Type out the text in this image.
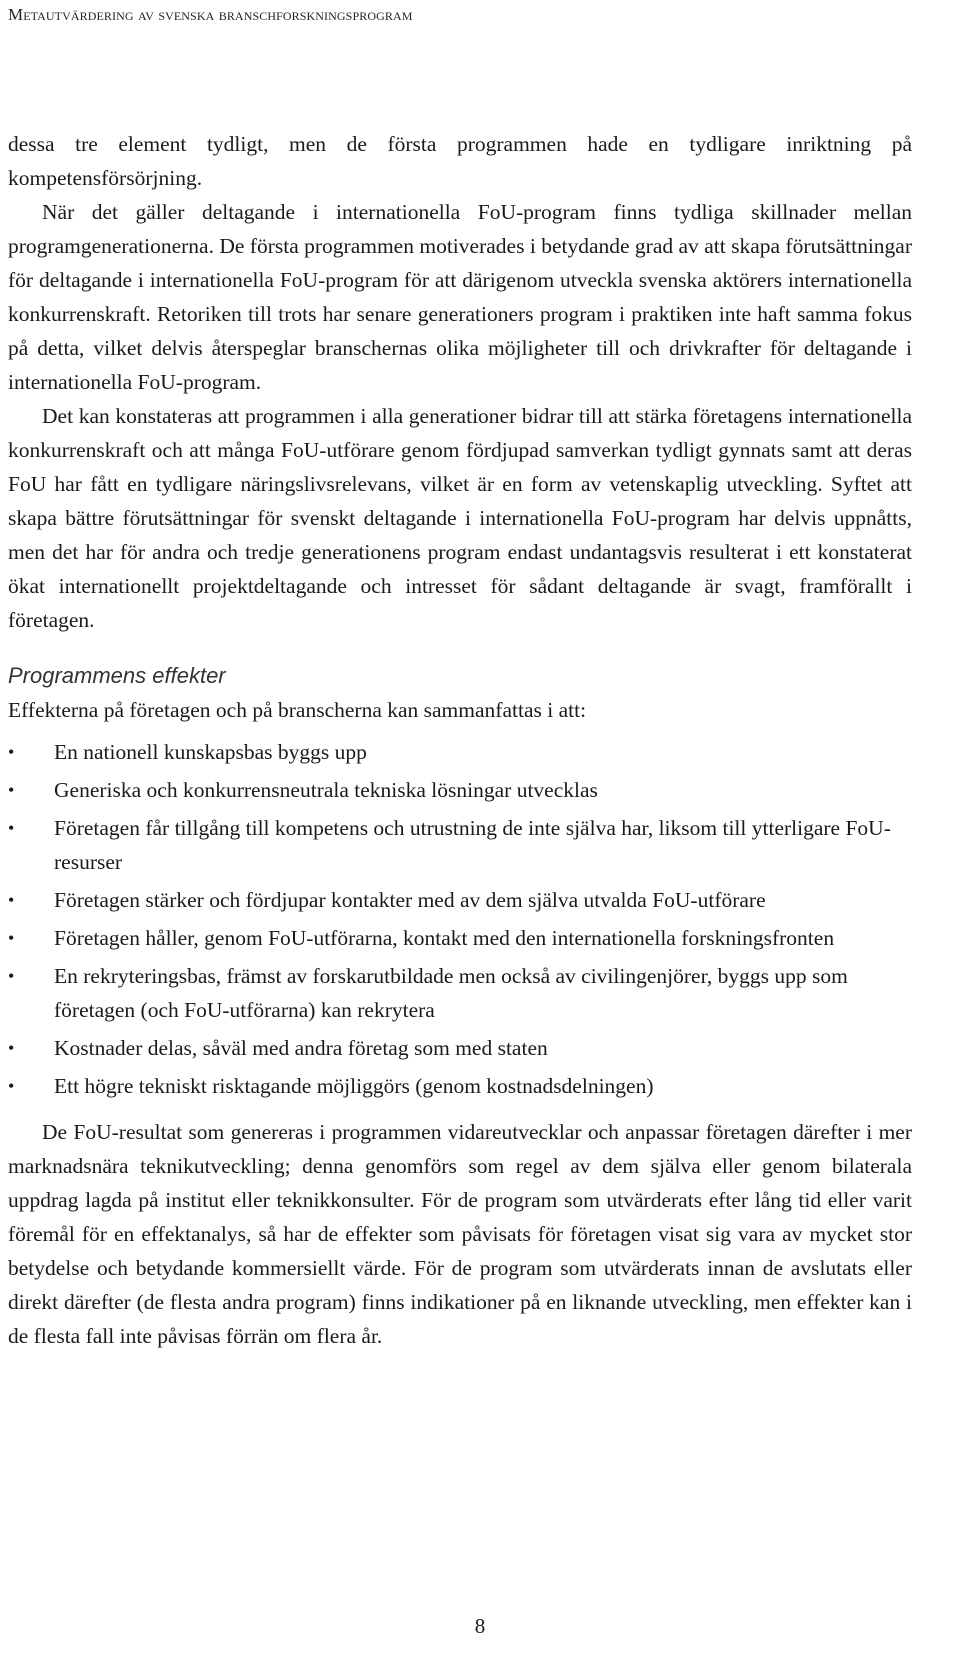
Metautvärdering av svenska branschforskningsprogram

dessa tre element tydligt, men de första programmen hade en tydligare inriktning på kompetensförsörjning.

När det gäller deltagande i internationella FoU-program finns tydliga skillnader mellan programgenerationerna. De första programmen motiverades i betydande grad av att skapa förutsättningar för deltagande i internationella FoU-program för att därigenom utveckla svenska aktörers internationella konkurrenskraft. Retoriken till trots har senare generationers program i praktiken inte haft samma fokus på detta, vilket delvis återspeglar branschernas olika möjligheter till och drivkrafter för deltagande i internationella FoU-program.

Det kan konstateras att programmen i alla generationer bidrar till att stärka företagens internationella konkurrenskraft och att många FoU-utförare genom fördjupad samverkan tydligt gynnats samt att deras FoU har fått en tydligare näringslivsrelevans, vilket är en form av vetenskaplig utveckling. Syftet att skapa bättre förutsättningar för svenskt deltagande i internationella FoU-program har delvis uppnåtts, men det har för andra och tredje generationens program endast undantagsvis resulterat i ett konstaterat ökat internationellt projektdeltagande och intresset för sådant deltagande är svagt, framförallt i företagen.

Programmens effekter
Effekterna på företagen och på branscherna kan sammanfattas i att:
• En nationell kunskapsbas byggs upp
• Generiska och konkurrensneutrala tekniska lösningar utvecklas
• Företagen får tillgång till kompetens och utrustning de inte själva har, liksom till ytterligare FoU-resurser
• Företagen stärker och fördjupar kontakter med av dem själva utvalda FoU-utförare
• Företagen håller, genom FoU-utförarna, kontakt med den internationella forskningsfronten
• En rekryteringsbas, främst av forskarutbildade men också av civilingenjörer, byggs upp som företagen (och FoU-utförarna) kan rekrytera
• Kostnader delas, såväl med andra företag som med staten
• Ett högre tekniskt risktagande möjliggörs (genom kostnadsdelningen)

De FoU-resultat som genereras i programmen vidareutvecklar och anpassar företagen därefter i mer marknadsnära teknikutveckling; denna genomförs som regel av dem själva eller genom bilaterala uppdrag lagda på institut eller teknikkonsulter. För de program som utvärderats efter lång tid eller varit föremål för en effektanalys, så har de effekter som påvisats för företagen visat sig vara av mycket stor betydelse och betydande kommersiellt värde. För de program som utvärderats innan de avslutats eller direkt därefter (de flesta andra program) finns indikationer på en liknande utveckling, men effekter kan i de flesta fall inte påvisas förrän om flera år.

8
